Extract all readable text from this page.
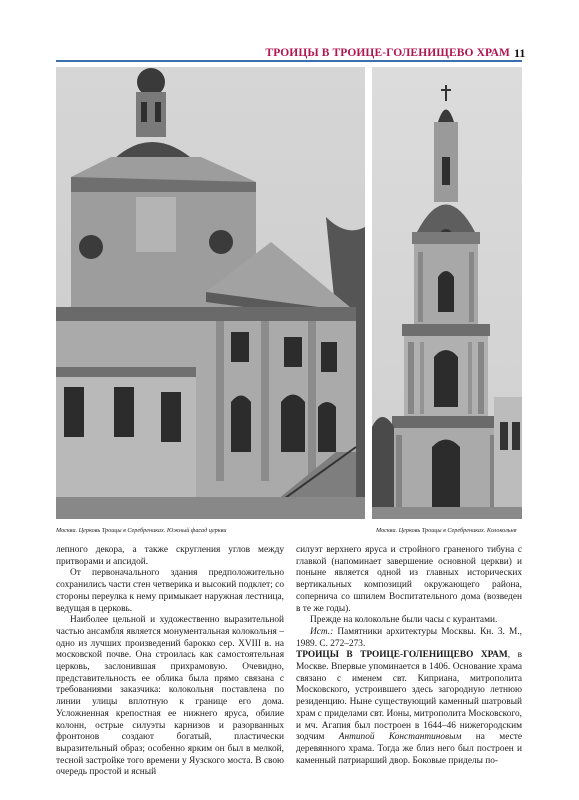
ТРОИЦЫ В ТРОИЦЕ-ГОЛЕНИЩЕВО ХРАМ 11
Москва. Церковь Троицы в Серебрениках. Южный фасад церкви	Москва. Церковь Троицы в Серебрениках. Колокольня

лепного декора, а также скругления углов между притворами и апсидой.

От первоначального здания предположительно сохранились части стен четверика и высокий подклет; со стороны переулка к нему примыкает наружная лестница, ведущая в церковь.

Наиболее цельной и художественно выразительной частью ансамбля является монументальная колокольня – одно из лучших произведений барокко сер. XVIII в. на московской почве. Она строилась как самостоятельная церковь, заслонившая прихрамовую. Очевидно, представительность ее облика была прямо связана с требованиями заказчика: колокольня поставлена по линии улицы вплотную к границе его дома. Усложненная крепостная ее нижнего яруса, обилие колонн, острые силуэты карнизов и разорванных фронтонов создают богатый, пластически выразительный образ; особенно ярким он был в мелкой, тесной застройке того времени у Яузского моста. В свою очередь простой и ясный

силуэт верхнего яруса и стройного граненого тибуна с главкой (напоминает завершение основной церкви) и поныне является одной из главных исторических вертикальных композиций окружающего района, сопернича со шпилем Воспитательного дома (возведен в те же годы).

Прежде на колокольне были часы с курантами.

Ист.: Памятники архитектуры Москвы. Кн. 3. М., 1989. С. 272–273.

ТРОИЦЫ В ТРОИЦЕ-ГОЛЕНИЩЕВО ХРАМ, в Москве. Впервые упоминается в 1406. Основание храма связано с именем свт. Киприана, митрополита Московского, устроившего здесь загородную летнюю резиденцию. Ныне существующий каменный шатровый храм с приделами свт. Ионы, митрополита Московского, и мч. Агапия был построен в 1644–46 нижегородским зодчим Антипой Константиновым на месте деревянного храма. Тогда же близ него был построен и каменный патриарший двор. Боковые приделы по-
